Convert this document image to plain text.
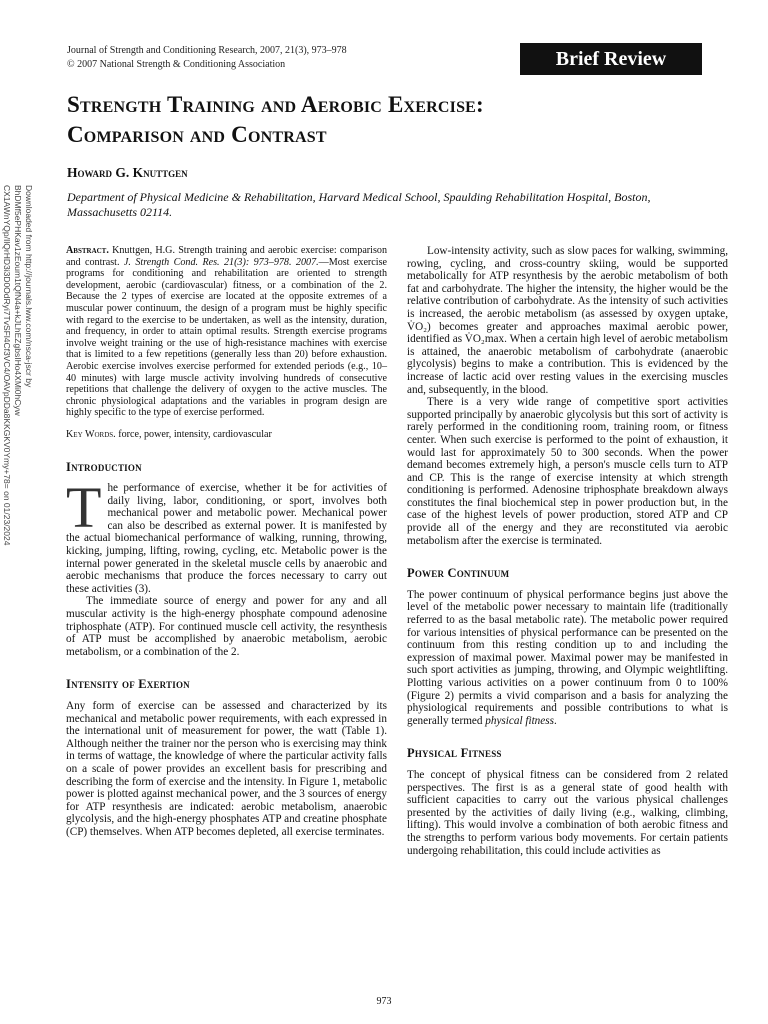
Journal of Strength and Conditioning Research, 2007, 21(3), 973–978
© 2007 National Strength & Conditioning Association	Brief Review
Strength Training and Aerobic Exercise:
Comparison and Contrast
Howard G. Knuttgen
Department of Physical Medicine & Rehabilitation, Harvard Medical School, Spaulding Rehabilitation Hospital, Boston, Massachusetts 02114.
Downloaded from http://journals.lww.com/nsca-jscr by BhDMf5ePHKav1zEoum1tQfN4a+kJLhEZgbsIHo4XMi0hCyw
CX1AWnYQp/IlQrHD3i3D0OdRyi7TvSFl4Cf3VC4/OAVpDDa8KKGKV0Ymy+78= on 01/23/2024	Abstract. Knuttgen, H.G. Strength training and aerobic exercise: comparison and contrast. J. Strength Cond. Res. 21(3): 973–978. 2007.—Most exercise programs for conditioning and rehabilitation are oriented to strength development, aerobic (cardiovascular) fitness, or a combination of the 2. Because the 2 types of exercise are located at the opposite extremes of a muscular power continuum, the design of a program must be highly specific with regard to the exercise to be undertaken, as well as the intensity, duration, and frequency, in order to attain optimal results. Strength exercise programs involve weight training or the use of high-resistance machines with exercise that is limited to a few repetitions (generally less than 20) before exhaustion. Aerobic exercise involves exercise performed for extended periods (e.g., 10–40 minutes) with large muscle activity involving hundreds of consecutive repetitions that challenge the delivery of oxygen to the active muscles. The chronic physiological adaptations and the variables in program design are highly specific to the type of exercise performed.

Key Words. force, power, intensity, cardiovascular

Introduction

The performance of exercise, whether it be for activities of daily living, labor, conditioning, or sport, involves both mechanical power and metabolic power. Mechanical power can also be described as external power. It is manifested by the actual biomechanical performance of walking, running, throwing, kicking, jumping, lifting, rowing, cycling, etc. Metabolic power is the internal power generated in the skeletal muscle cells by anaerobic and aerobic mechanisms that produce the forces necessary to carry out these activities (3).

The immediate source of energy and power for any and all muscular activity is the high-energy phosphate compound adenosine triphosphate (ATP). For continued muscle cell activity, the resynthesis of ATP must be accomplished by anaerobic metabolism, aerobic metabolism, or a combination of the 2.

Intensity of Exertion

Any form of exercise can be assessed and characterized by its mechanical and metabolic power requirements, with each expressed in the international unit of measurement for power, the watt (Table 1). Although neither the trainer nor the person who is exercising may think in terms of wattage, the knowledge of where the particular activity falls on a scale of power provides an excellent basis for prescribing and describing the form of exercise and the intensity. In Figure 1, metabolic power is plotted against mechanical power, and the 3 sources of energy for ATP resynthesis are indicated: aerobic metabolism, anaerobic glycolysis, and the high-energy phosphates ATP and creatine phosphate (CP) themselves. When ATP becomes depleted, all exercise terminates.

Low-intensity activity, such as slow paces for walking, swimming, rowing, cycling, and cross-country skiing, would be supported metabolically for ATP resynthesis by the aerobic metabolism of both fat and carbohydrate. The higher the intensity, the higher would be the relative contribution of carbohydrate. As the intensity of such activities is increased, the aerobic metabolism (as assessed by oxygen uptake, V̇O₂) becomes greater and approaches maximal aerobic power, identified as V̇O₂max. When a certain high level of aerobic metabolism is attained, the anaerobic metabolism of carbohydrate (anaerobic glycolysis) begins to make a contribution. This is evidenced by the increase of lactic acid over resting values in the exercising muscles and, subsequently, in the blood.

There is a very wide range of competitive sport activities supported principally by anaerobic glycolysis but this sort of activity is rarely performed in the conditioning room, training room, or fitness center. When such exercise is performed to the point of exhaustion, it would last for approximately 50 to 300 seconds. When the power demand becomes extremely high, a person's muscle cells turn to ATP and CP. This is the range of exercise intensity at which strength conditioning is performed. Adenosine triphosphate breakdown always constitutes the final biochemical step in power production but, in the case of the highest levels of power production, stored ATP and CP provide all of the energy and they are reconstituted via aerobic metabolism after the exercise is terminated.

Power Continuum

The power continuum of physical performance begins just above the level of the metabolic power necessary to maintain life (traditionally referred to as the basal metabolic rate). The metabolic power required for various intensities of physical performance can be presented on the continuum from this resting condition up to and including the expression of maximal power. Maximal power may be manifested in such sport activities as jumping, throwing, and Olympic weightlifting. Plotting various activities on a power continuum from 0 to 100% (Figure 2) permits a vivid comparison and a basis for analyzing the physiological requirements and possible contributions to what is generally termed physical fitness.

Physical Fitness

The concept of physical fitness can be considered from 2 related perspectives. The first is as a general state of good health with sufficient capacities to carry out the various physical challenges presented by the activities of daily living (e.g., walking, climbing, lifting). This would involve a combination of both aerobic fitness and the strengths to perform various body movements. For certain patients undergoing rehabilitation, this could include activities as

973
